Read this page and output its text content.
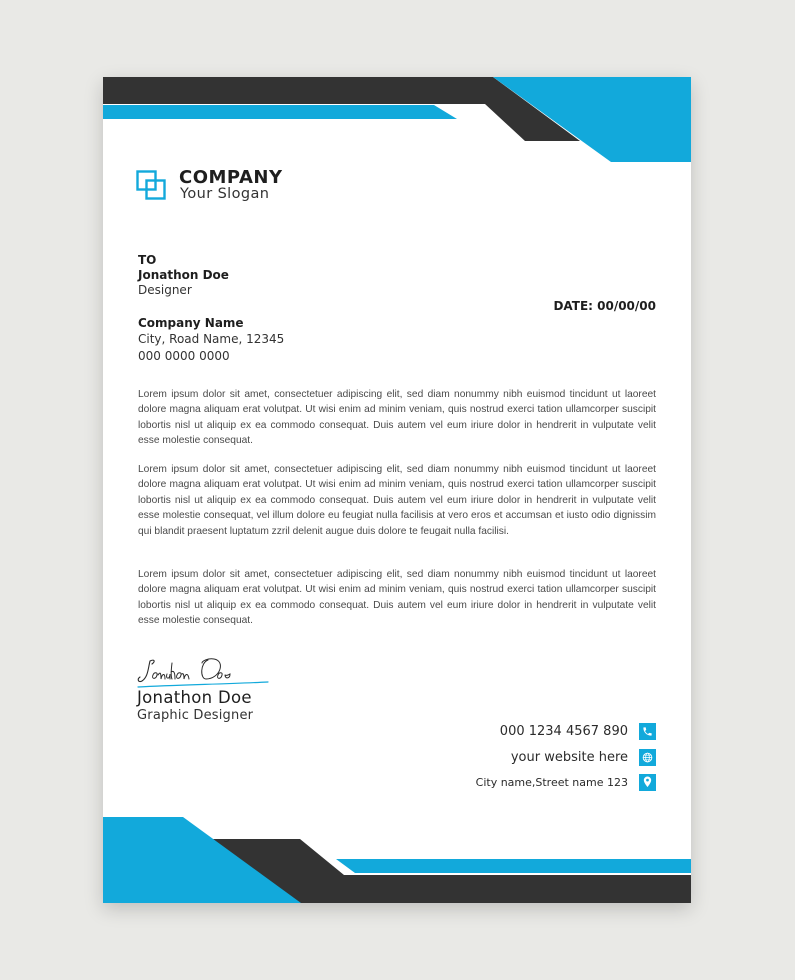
COMPANY
Your Slogan
TO
Jonathon Doe
Designer
Company Name
City, Road Name, 12345
000 0000 0000
DATE: 00/00/00

Lorem ipsum dolor sit amet, consectetuer adipiscing elit, sed diam nonummy nibh euismod tincidunt ut laoreet dolore magna aliquam erat volutpat. Ut wisi enim ad minim veniam, quis nostrud exerci tation ullamcorper suscipit lobortis nisl ut aliquip ex ea commodo consequat. Duis autem vel eum iriure dolor in hendrerit in vulputate velit esse molestie consequat.

Lorem ipsum dolor sit amet, consectetuer adipiscing elit, sed diam nonummy nibh euismod tincidunt ut laoreet dolore magna aliquam erat volutpat. Ut wisi enim ad minim veniam, quis nostrud exerci tation ullamcorper suscipit lobortis nisl ut aliquip ex ea commodo consequat. Duis autem vel eum iriure dolor in hendrerit in vulputate velit esse molestie consequat, vel illum dolore eu feugiat nulla facilisis at vero eros et accumsan et iusto odio dignissim qui blandit praesent luptatum zzril delenit augue duis dolore te feugait nulla facilisi.

Lorem ipsum dolor sit amet, consectetuer adipiscing elit, sed diam nonummy nibh euismod tincidunt ut laoreet dolore magna aliquam erat volutpat. Ut wisi enim ad minim veniam, quis nostrud exerci tation ullamcorper suscipit lobortis nisl ut aliquip ex ea commodo consequat. Duis autem vel eum iriure dolor in hendrerit in vulputate velit esse molestie consequat.

Jonathon Doe
Graphic Designer
000 1234 4567 890
your website here
City name,Street name 123
